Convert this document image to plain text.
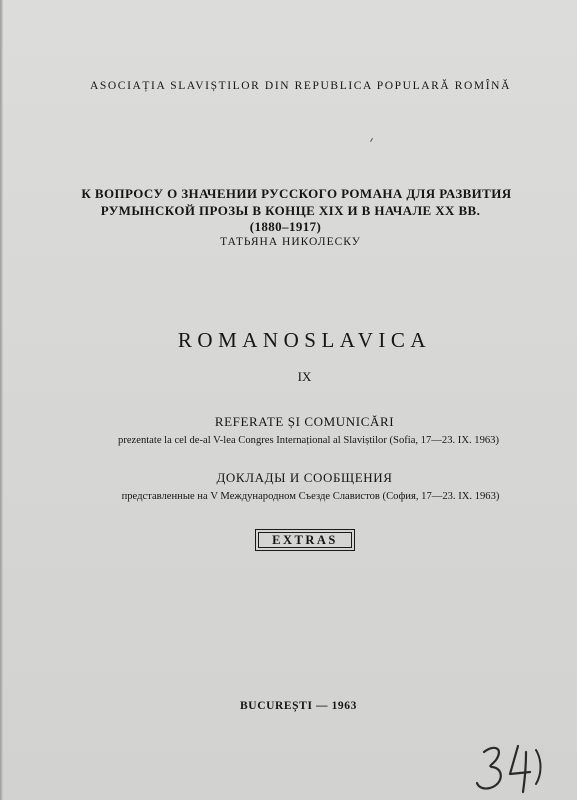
ASOCIAȚIA SLAVIȘTILOR DIN REPUBLICA POPULARĂ ROMÎNĂ
К ВОПРОСУ О ЗНАЧЕНИИ РУССКОГО РОМАНА ДЛЯ РАЗВИТИЯ
РУМЫНСКОЙ ПРОЗЫ В КОНЦЕ XIX И В НАЧАЛЕ XX ВВ.
(1880–1917)
ТАТЬЯНА НИКОЛЕСКУ
ROMANOSLAVICA
IX
REFERATE ȘI COMUNICĂRI
prezentate la cel de-al V-lea Congres Internațional al Slaviștilor (Sofia, 17—23. IX. 1963)
ДОКЛАДЫ И СООБЩЕНИЯ
представленные на V Международном Съезде Славистов (София, 17—23. IX. 1963)
EXTRAS
BUCUREȘTI — 1963
